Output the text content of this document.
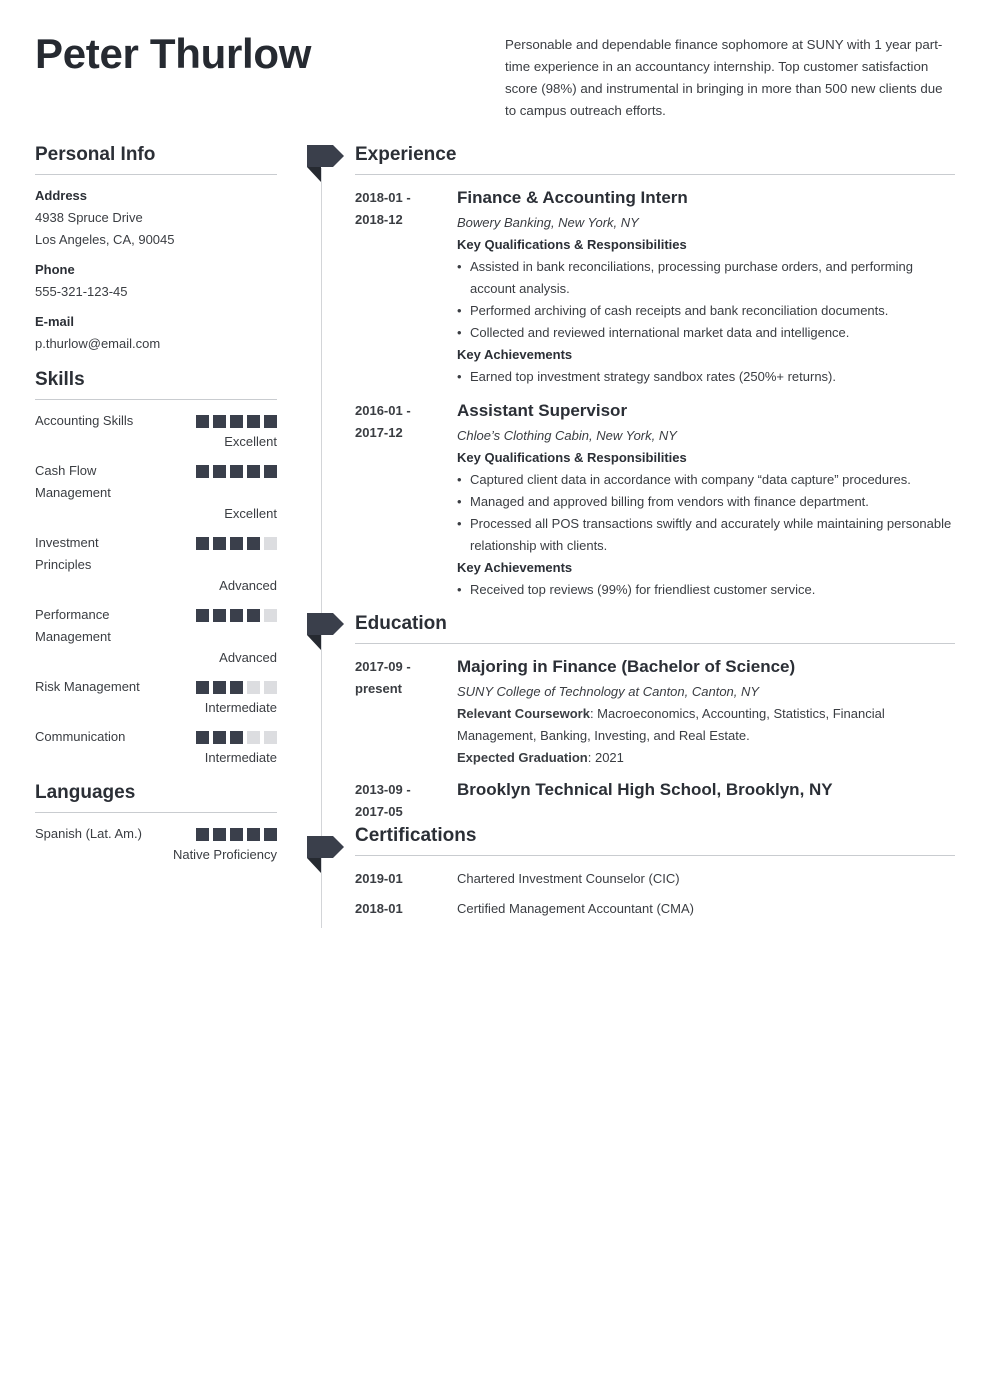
Peter Thurlow	Personable and dependable finance sophomore at SUNY with 1 year part-time experience in an accountancy internship. Top customer satisfaction score (98%) and instrumental in bringing in more than 500 new clients due to campus outreach efforts.
Personal Info
Address
4938 Spruce Drive
Los Angeles, CA, 90045
Phone
555-321-123-45
E-mail
p.thurlow@email.com
Skills
Accounting Skills
Excellent
Cash Flow Management
Excellent
Investment Principles
Advanced
Performance Management
Advanced
Risk Management
Intermediate
Communication
Intermediate
Languages
Spanish (Lat. Am.)
Native Proficiency
Experience
2018-01 -
2018-12
Finance & Accounting Intern
Bowery Banking, New York, NY
Key Qualifications & Responsibilities
• Assisted in bank reconciliations, processing purchase orders, and performing account analysis.
• Performed archiving of cash receipts and bank reconciliation documents.
• Collected and reviewed international market data and intelligence.
Key Achievements
• Earned top investment strategy sandbox rates (250%+ returns).
2016-01 -
2017-12
Assistant Supervisor
Chloe’s Clothing Cabin, New York, NY
Key Qualifications & Responsibilities
• Captured client data in accordance with company “data capture” procedures.
• Managed and approved billing from vendors with finance department.
• Processed all POS transactions swiftly and accurately while maintaining personable relationship with clients.
Key Achievements
• Received top reviews (99%) for friendliest customer service.
Education
2017-09 -
present
Majoring in Finance (Bachelor of Science)
SUNY College of Technology at Canton, Canton, NY
Relevant Coursework: Macroeconomics, Accounting, Statistics, Financial Management, Banking, Investing, and Real Estate.
Expected Graduation: 2021
2013-09 -
2017-05
Brooklyn Technical High School, Brooklyn, NY
Certifications
2019-01	Chartered Investment Counselor (CIC)
2018-01	Certified Management Accountant (CMA)
